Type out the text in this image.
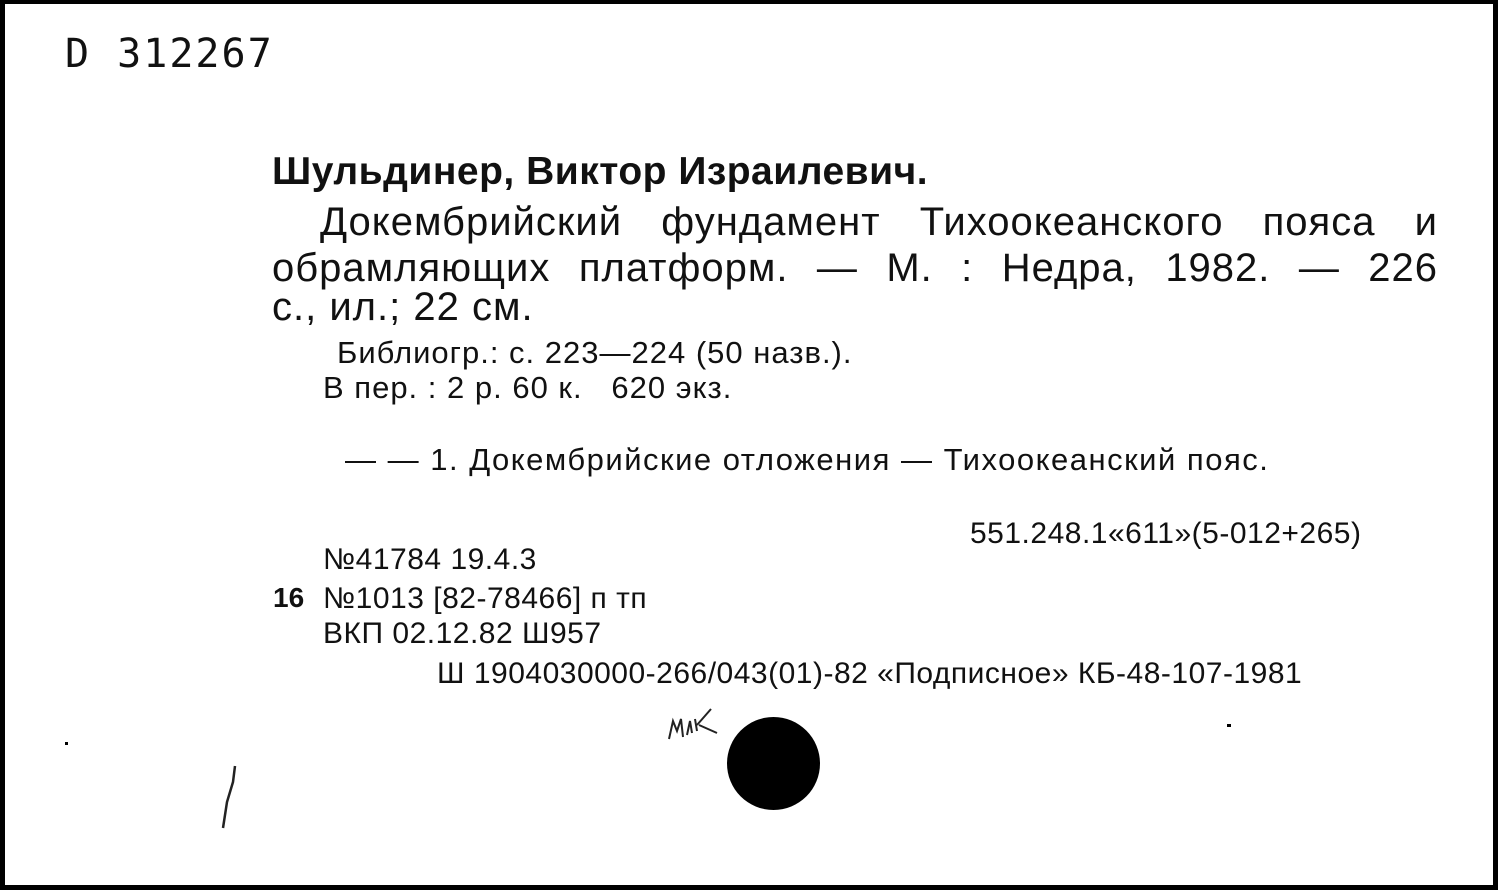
D 312267
Шульдинер, Виктор Израилевич.
Докембрийский фундамент Тихоокеанского пояса и
обрамляющих платформ. — М. : Недра, 1982. — 226
с., ил.; 22 см.
Библиогр.: с. 223—224 (50 назв.).
В пер. : 2 р. 60 к.   620 экз.
— — 1. Докембрийские отложения — Тихоокеанский пояс.
551.248.1«611»(5-012+265)
№41784 19.4.3
16 №1013 [82-78466] п тп
ВКП 02.12.82 Ш957
Ш 1904030000-266/043(01)-82 «Подписное» КБ-48-107-1981
